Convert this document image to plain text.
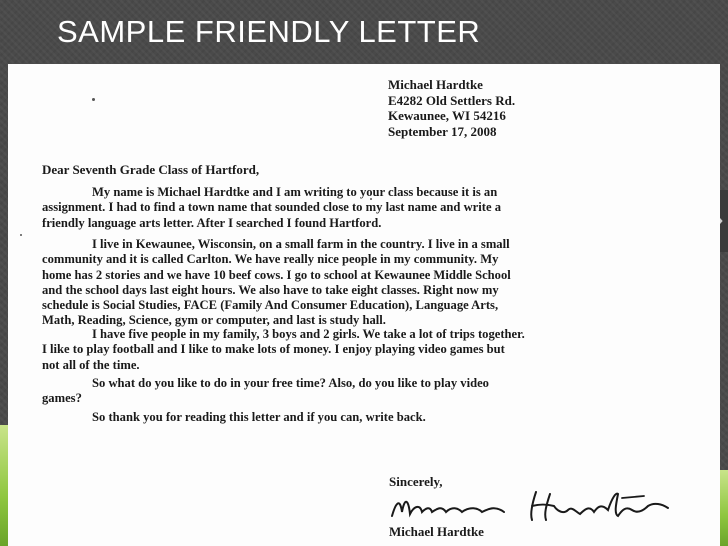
SAMPLE FRIENDLY LETTER
Michael Hardtke
E4282 Old Settlers Rd.
Kewaunee, WI 54216
September 17, 2008
Dear Seventh Grade Class of Hartford,
My name is Michael Hardtke and I am writing to your class because it is an
assignment. I had to find a town name that sounded close to my last name and write a
friendly language arts letter. After I searched I found Hartford.
I live in Kewaunee, Wisconsin, on a small farm in the country. I live in a small
community and it is called Carlton. We have really nice people in my community. My
home has 2 stories and we have 10 beef cows. I go to school at Kewaunee Middle School
and the school days last eight hours. We also have to take eight classes. Right now my
schedule is Social Studies, FACE (Family And Consumer Education), Language Arts,
Math, Reading, Science, gym or computer, and last is study hall.
I have five people in my family, 3 boys and 2 girls. We take a lot of trips together.
I like to play football and I like to make lots of money. I enjoy playing video games but
not all of the time.
So what do you like to do in your free time? Also, do you like to play video
games?
So thank you for reading this letter and if you can, write back.
Sincerely,
Michael Hardtke
